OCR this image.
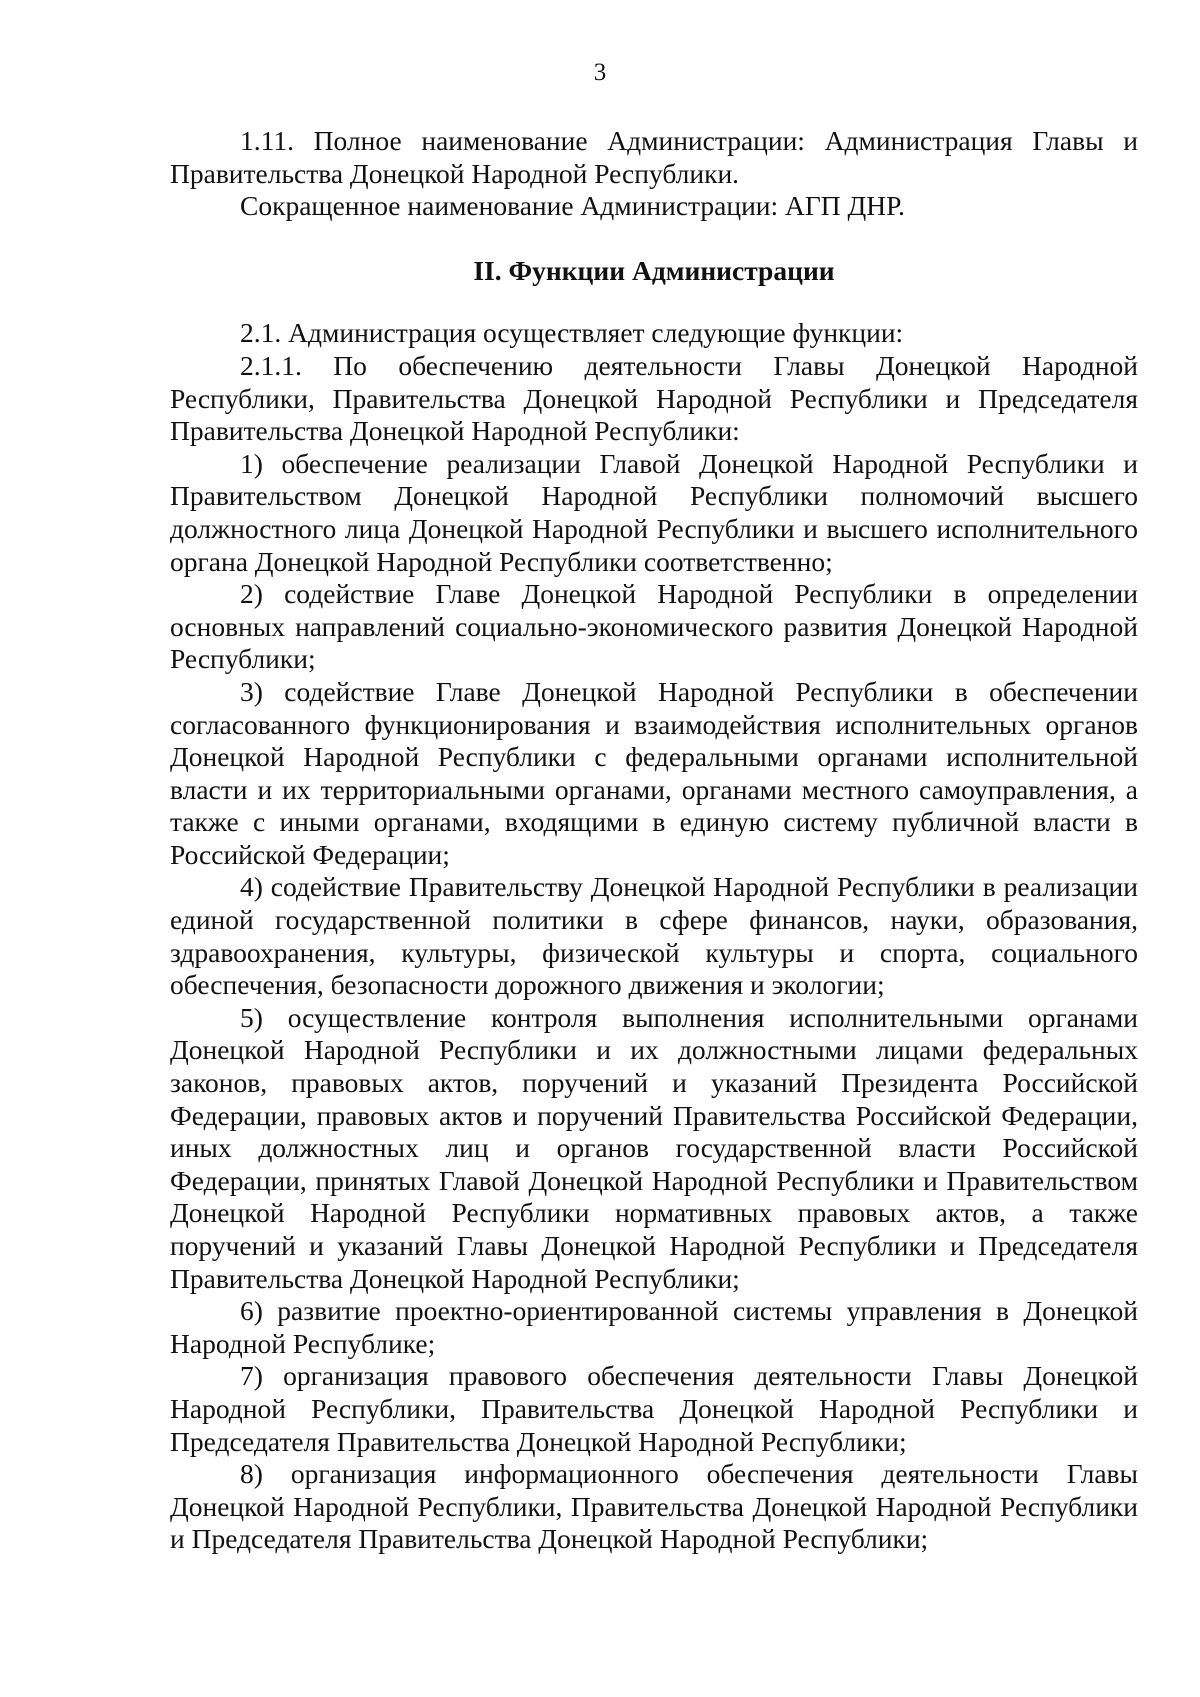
3

1.11. Полное наименование Администрации: Администрация Главы и Правительства Донецкой Народной Республики.

Сокращенное наименование Администрации: АГП ДНР.

II. Функции Администрации

2.1. Администрация осуществляет следующие функции:

2.1.1. По обеспечению деятельности Главы Донецкой Народной Республики, Правительства Донецкой Народной Республики и Председателя Правительства Донецкой Народной Республики:

1) обеспечение реализации Главой Донецкой Народной Республики и Правительством Донецкой Народной Республики полномочий высшего должностного лица Донецкой Народной Республики и высшего исполнительного органа Донецкой Народной Республики соответственно;

2) содействие Главе Донецкой Народной Республики в определении основных направлений социально-экономического развития Донецкой Народной Республики;

3) содействие Главе Донецкой Народной Республики в обеспечении согласованного функционирования и взаимодействия исполнительных органов Донецкой Народной Республики с федеральными органами исполнительной власти и их территориальными органами, органами местного самоуправления, а также с иными органами, входящими в единую систему публичной власти в Российской Федерации;

4) содействие Правительству Донецкой Народной Республики в реализации единой государственной политики в сфере финансов, науки, образования, здравоохранения, культуры, физической культуры и спорта, социального обеспечения, безопасности дорожного движения и экологии;

5) осуществление контроля выполнения исполнительными органами Донецкой Народной Республики и их должностными лицами федеральных законов, правовых актов, поручений и указаний Президента Российской Федерации, правовых актов и поручений Правительства Российской Федерации, иных должностных лиц и органов государственной власти Российской Федерации, принятых Главой Донецкой Народной Республики и Правительством Донецкой Народной Республики нормативных правовых актов, а также поручений и указаний Главы Донецкой Народной Республики и Председателя Правительства Донецкой Народной Республики;

6) развитие проектно-ориентированной системы управления в Донецкой Народной Республике;

7) организация правового обеспечения деятельности Главы Донецкой Народной Республики, Правительства Донецкой Народной Республики и Председателя Правительства Донецкой Народной Республики;

8) организация информационного обеспечения деятельности Главы Донецкой Народной Республики, Правительства Донецкой Народной Республики и Председателя Правительства Донецкой Народной Республики;
